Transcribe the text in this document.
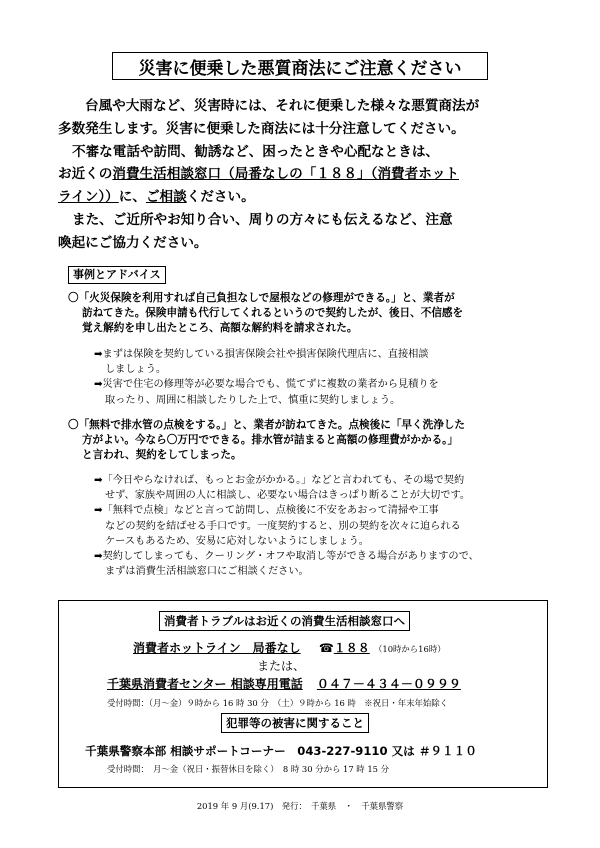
災害に便乗した悪質商法にご注意ください

台風や大雨など、災害時には、それに便乗した様々な悪質商法が

多数発生します。災害に便乗した商法には十分注意してください。

不審な電話や訪問、勧誘など、困ったときや心配なときは、

お近くの消費生活相談窓口（局番なしの「１８８」（消費者ホット

ライン））に、ご相談ください。

また、ご近所やお知り合い、周りの方々にも伝えるなど、注意

喚起にご協力ください。

事例とアドバイス

〇「火災保険を利用すれば自己負担なしで屋根などの修理ができる。」と、業者が

訪ねてきた。保険申請も代行してくれるというので契約したが、後日、不信感を

覚え解約を申し出たところ、高額な解約料を請求された。

➡まずは保険を契約している損害保険会社や損害保険代理店に、直接相談

しましょう。

➡災害で住宅の修理等が必要な場合でも、慌てずに複数の業者から見積りを

取ったり、周囲に相談したりした上で、慎重に契約しましょう。

〇「無料で排水管の点検をする。」と、業者が訪ねてきた。点検後に「早く洗浄した

方がよい。今なら〇万円でできる。排水管が詰まると高額の修理費がかかる。」

と言われ、契約をしてしまった。

➡「今日やらなければ、もっとお金がかかる。」などと言われても、その場で契約

せず、家族や周囲の人に相談し、必要ない場合はきっぱり断ることが大切です。

➡「無料で点検」などと言って訪問し、点検後に不安をあおって清掃や工事

などの契約を結ばせる手口です。一度契約すると、別の契約を次々に迫られる

ケースもあるため、安易に応対しないようにしましょう。

➡契約してしまっても、クーリング・オフや取消し等ができる場合がありますので、

まずは消費生活相談窓口にご相談ください。

消費者トラブルはお近くの消費生活相談窓口へ
消費者ホットライン　局番なし ☎１８８ （10時から16時）
または、
千葉県消費者センター 相談専用電話 ０４７－４３４－０９９９
受付時間：（月～金）９時から 16 時 30 分　（土）９時から 16 時　※祝日・年末年始除く
犯罪等の被害に関すること
千葉県警察本部 相談サポートコーナー　043-227-9110 又は ＃９１１０
受付時間：　月～金（祝日・振替休日を除く）　8 時 30 分から 17 時 15 分
2019 年 9 月(9.17)　発行：　千葉県　・　千葉県警察
